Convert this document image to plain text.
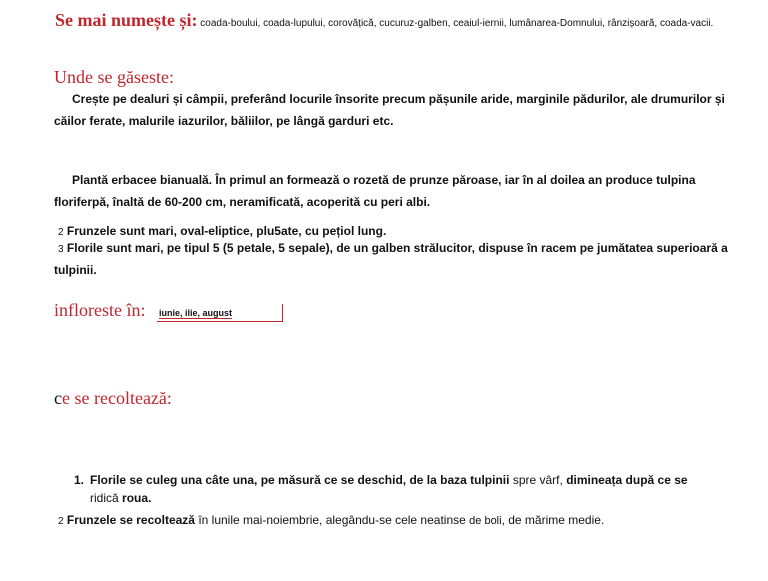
Se mai numește și: coada-boului, coada-lupului, corovățică, cucuruz-galben, ceaiul-iernii, lumânarea-Domnului, rânzișoară, coada-vacii.
Unde se găseste:
Crește pe dealuri și câmpii, preferând locurile însorite precum pășunile aride, marginile pădurilor, ale drumurilor și căilor ferate, malurile iazurilor, băliilor, pe lângă garduri etc.
Plantă erbacee bianuală. În primul an formează o rozetă de prunze păroase, iar în al doilea an produce tulpina floriferpă, înaltă de 60-200 cm, neramificată, acoperită cu peri albi.
2 Frunzele sunt mari, oval-eliptice, plu5ate, cu pețiol lung.
3 Florile sunt mari, pe tipul 5 (5 petale, 5 sepale), de un galben strălucitor, dispuse în racem pe jumătatea superioară a tulpinii.
infloreste în: iunie, ilie, august
ce se recoltează:
1. Florile se culeg una câte una, pe măsură ce se deschid, de la baza tulpinii spre vârf, dimineața după ce se ridică roua.
2 Frunzele se recoltează în lunile mai-noiembrie, alegându-se cele neatinse de boli, de mărime medie.
